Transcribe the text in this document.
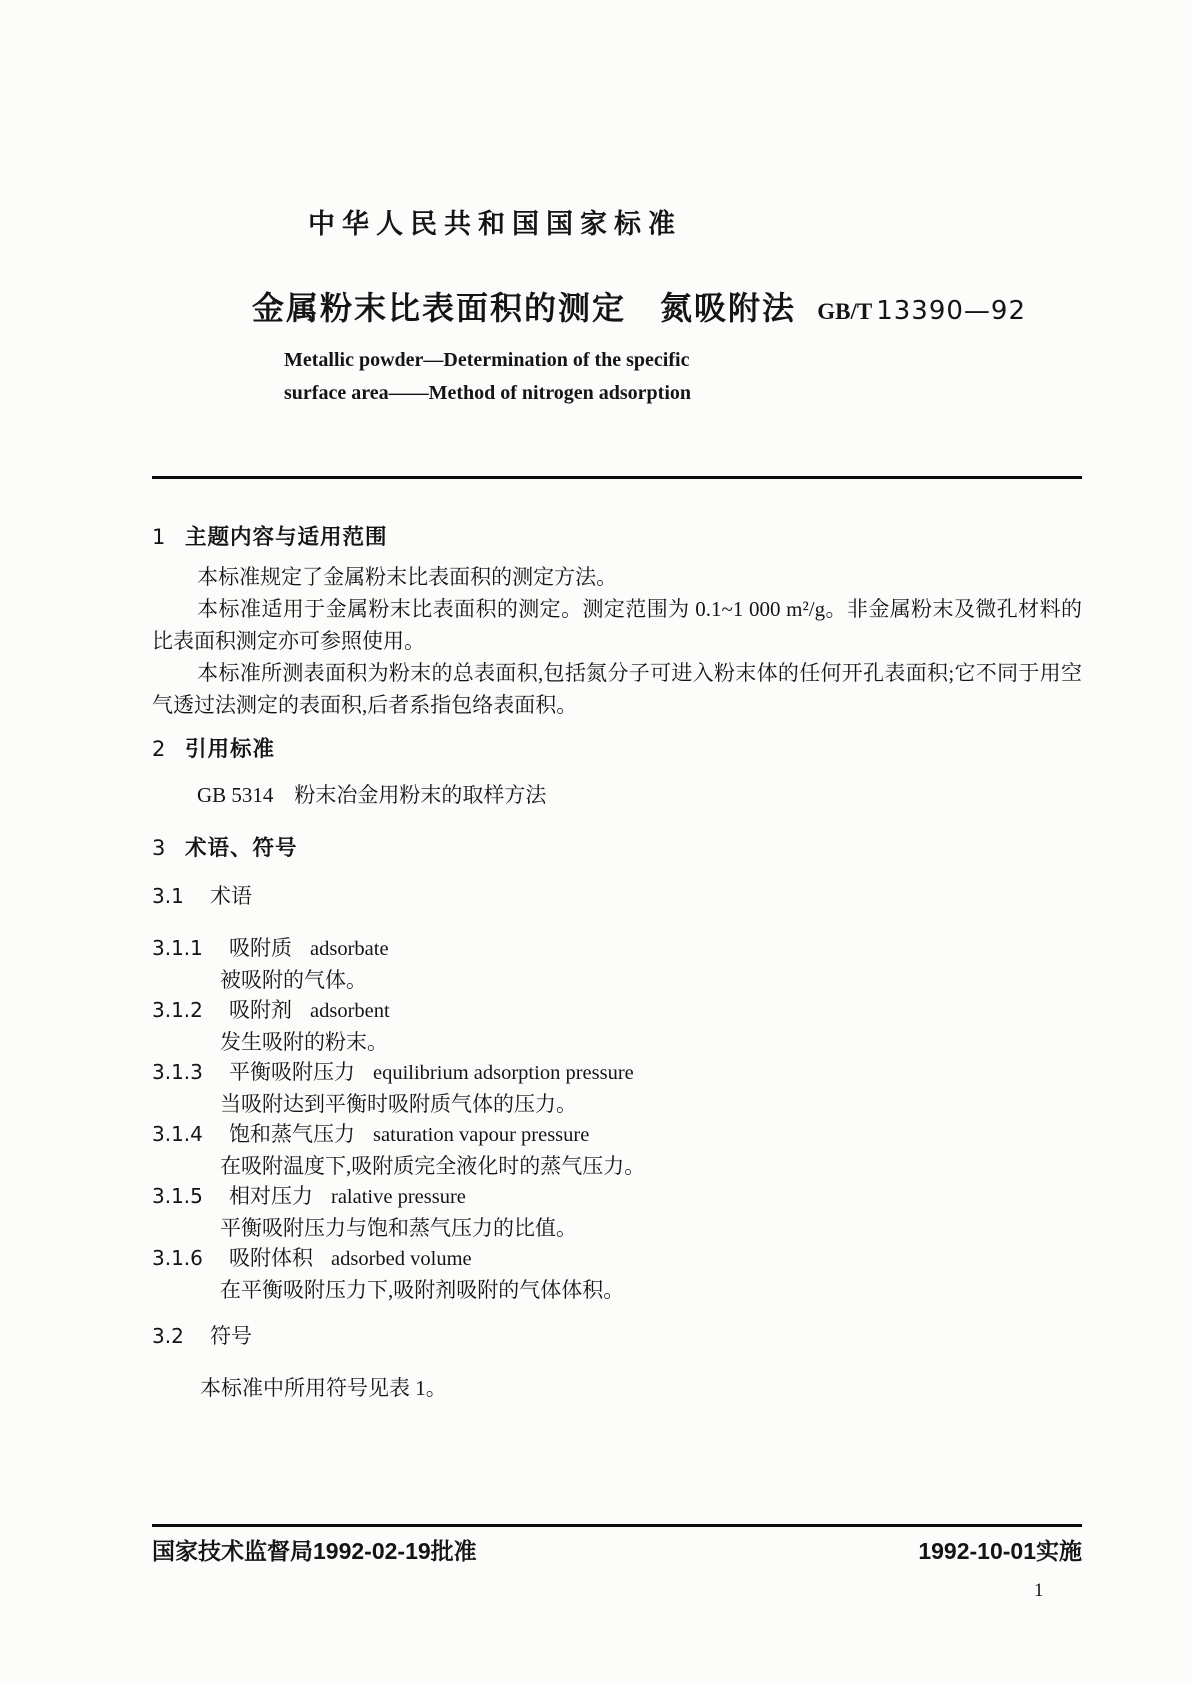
中华人民共和国国家标准
金属粉末比表面积的测定　氮吸附法 GB/T 13390—92
Metallic powder—Determination of the specific
surface area——Method of nitrogen adsorption

1 主题内容与适用范围

本标准规定了金属粉末比表面积的测定方法。

本标准适用于金属粉末比表面积的测定。测定范围为 0.1~1 000 m²/g。非金属粉末及微孔材料的比表面积测定亦可参照使用。

本标准所测表面积为粉末的总表面积,包括氮分子可进入粉末体的任何开孔表面积;它不同于用空气透过法测定的表面积,后者系指包络表面积。

2 引用标准

GB 5314　粉末冶金用粉末的取样方法

3 术语、符号

3.1 术语

3.1.1 吸附质 adsorbate
被吸附的气体。
3.1.2 吸附剂 adsorbent
发生吸附的粉末。
3.1.3 平衡吸附压力 equilibrium adsorption pressure
当吸附达到平衡时吸附质气体的压力。
3.1.4 饱和蒸气压力 saturation vapour pressure
在吸附温度下,吸附质完全液化时的蒸气压力。
3.1.5 相对压力 ralative pressure
平衡吸附压力与饱和蒸气压力的比值。
3.1.6 吸附体积 adsorbed volume
在平衡吸附压力下,吸附剂吸附的气体体积。

3.2 符号

本标准中所用符号见表 1。

国家技术监督局1992-02-19批准	1992-10-01实施
1
